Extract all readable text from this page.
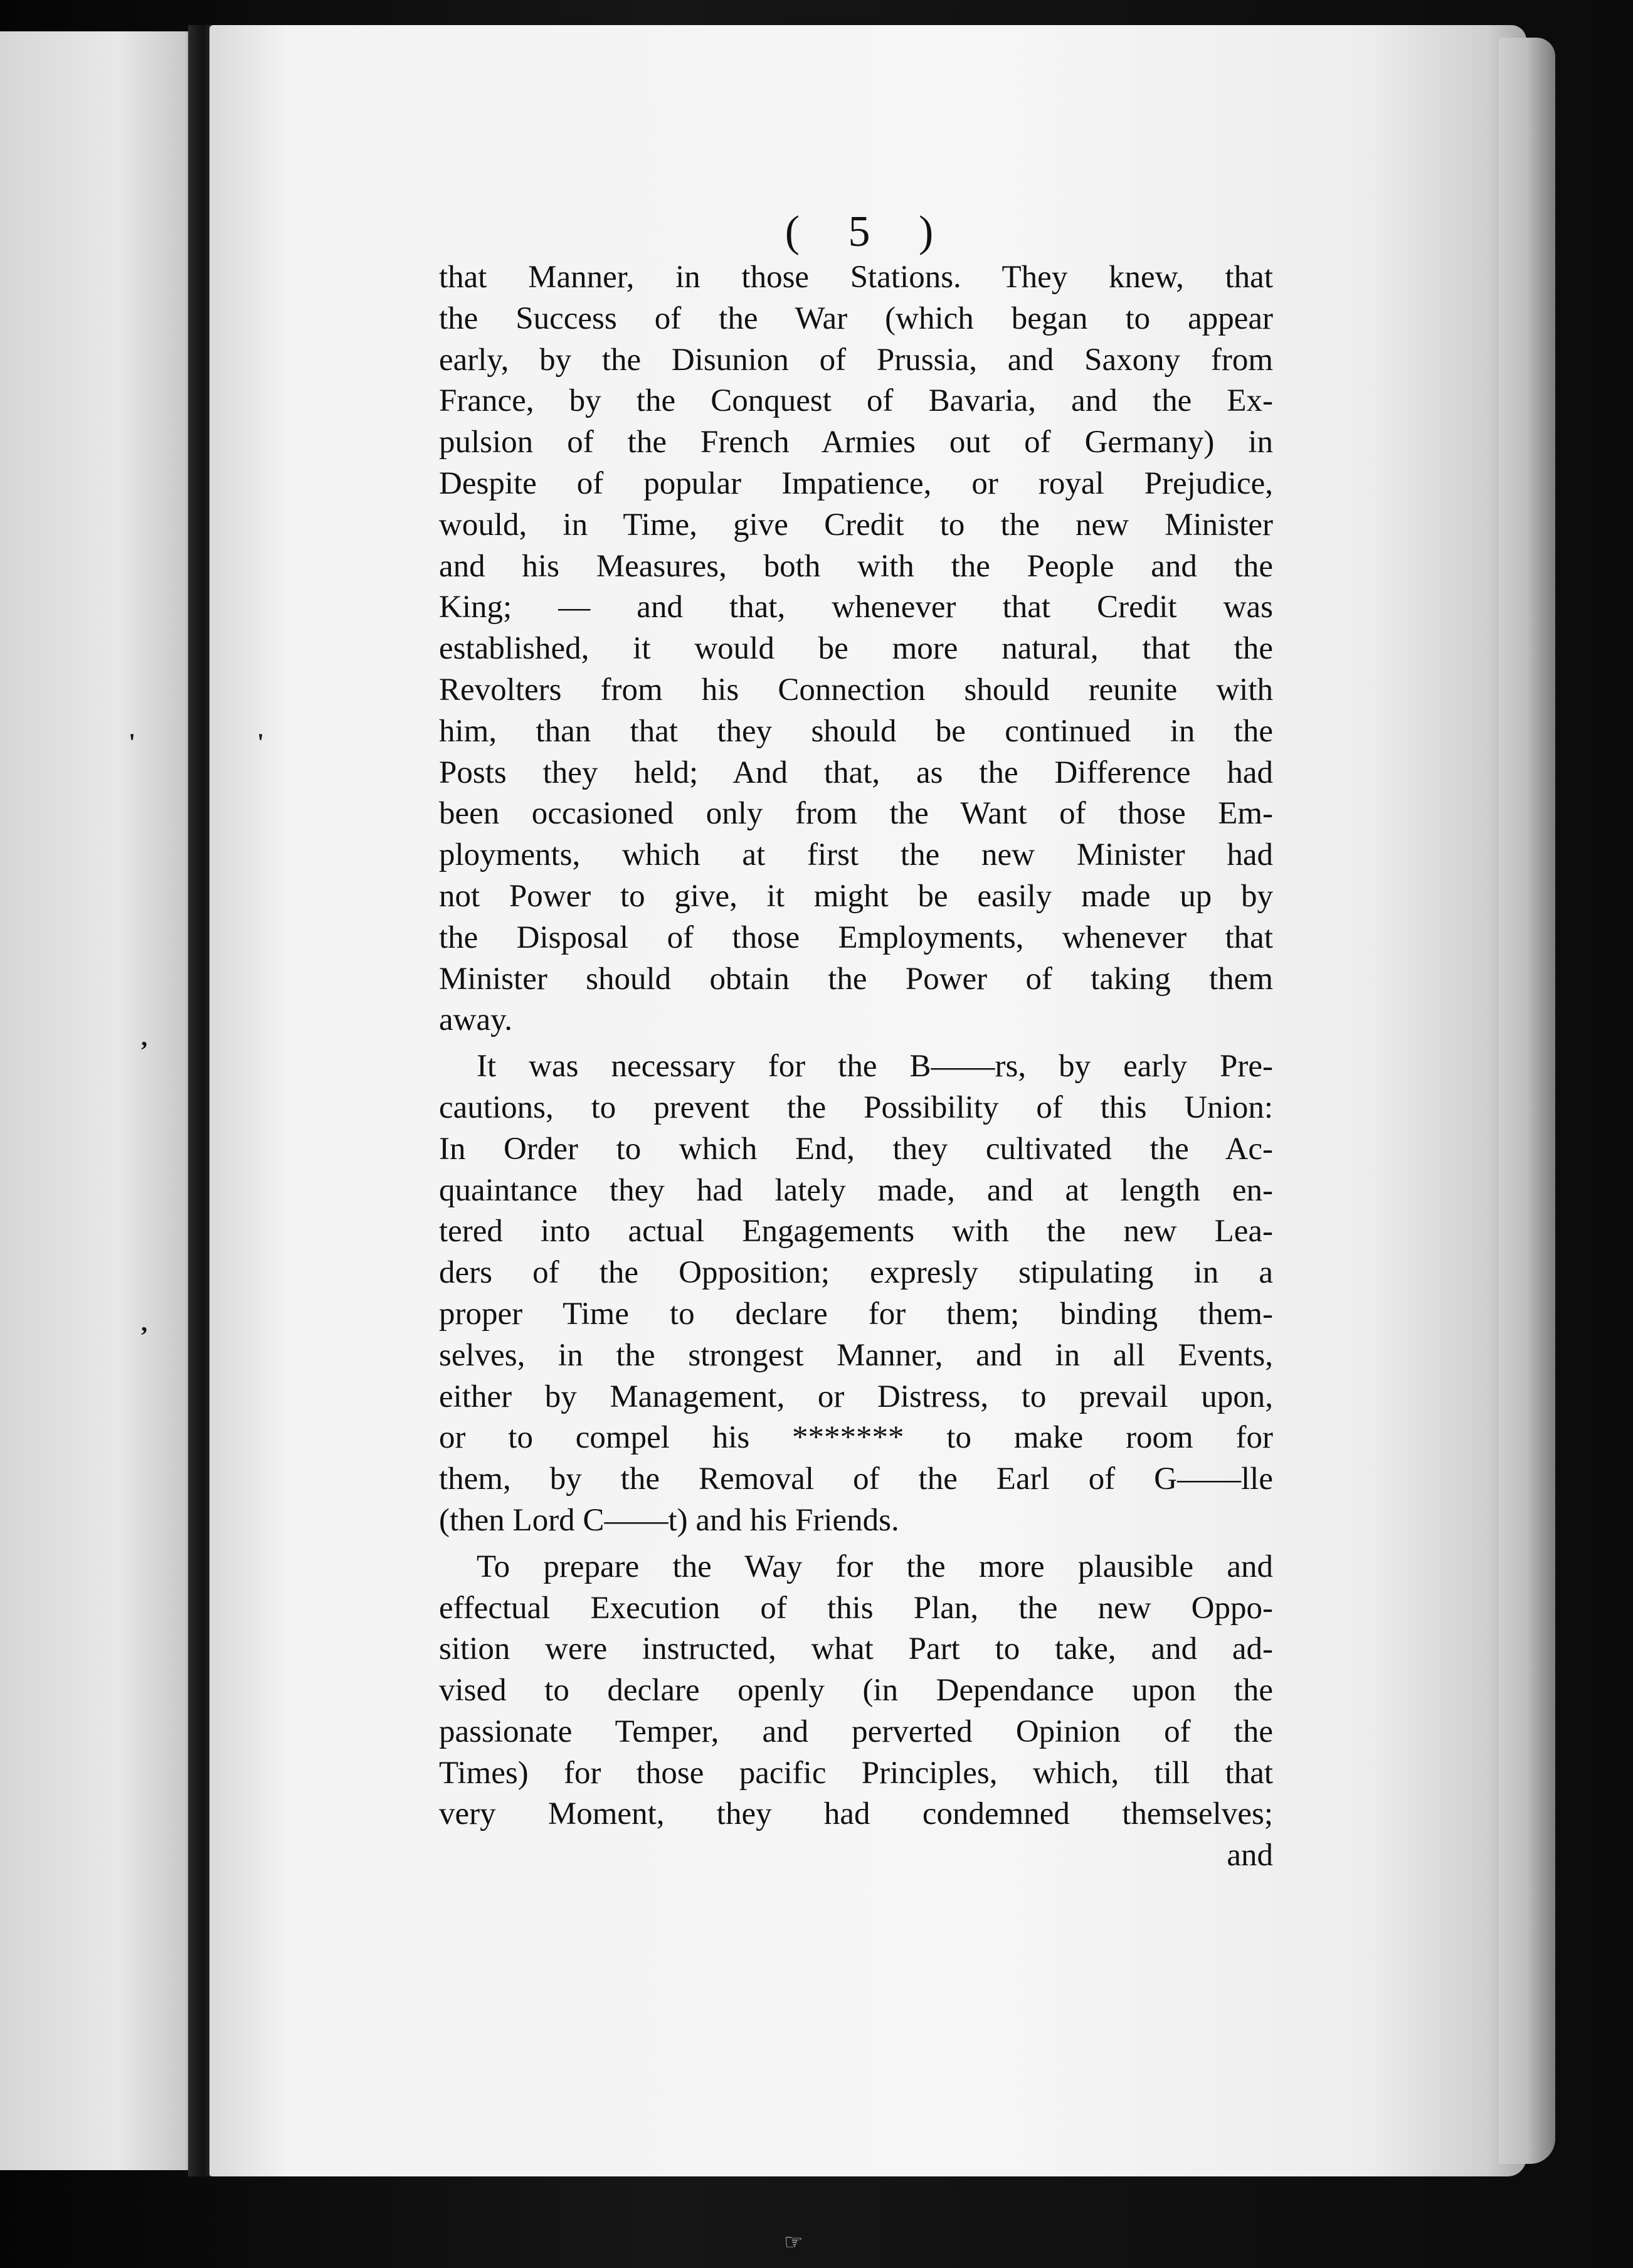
'	'
,
,
( 5 )
that Manner, in those Stations. They knew, that
the Success of the War (which began to appear
early, by the Disunion of Prussia, and Saxony from
France, by the Conquest of Bavaria, and the Ex-
pulsion of the French Armies out of Germany) in
Despite of popular Impatience, or royal Prejudice,
would, in Time, give Credit to the new Minister
and his Measures, both with the People and the
King; — and that, whenever that Credit was
established, it would be more natural, that the
Revolters from his Connection should reunite with
him, than that they should be continued in the
Posts they held; And that, as the Difference had
been occasioned only from the Want of those Em-
ployments, which at first the new Minister had
not Power to give, it might be easily made up by
the Disposal of those Employments, whenever that
Minister should obtain the Power of taking them
away.
It was necessary for the B——rs, by early Pre-
cautions, to prevent the Possibility of this Union:
In Order to which End, they cultivated the Ac-
quaintance they had lately made, and at length en-
tered into actual Engagements with the new Lea-
ders of the Opposition; expresly stipulating in a
proper Time to declare for them; binding them-
selves, in the strongest Manner, and in all Events,
either by Management, or Distress, to prevail upon,
or to compel his ******* to make room for
them, by the Removal of the Earl of G——lle
(then Lord C——t) and his Friends.
To prepare the Way for the more plausible and
effectual Execution of this Plan, the new Oppo-
sition were instructed, what Part to take, and ad-
vised to declare openly (in Dependance upon the
passionate Temper, and perverted Opinion of the
Times) for those pacific Principles, which, till that
very Moment, they had condemned themselves;
and
☞
